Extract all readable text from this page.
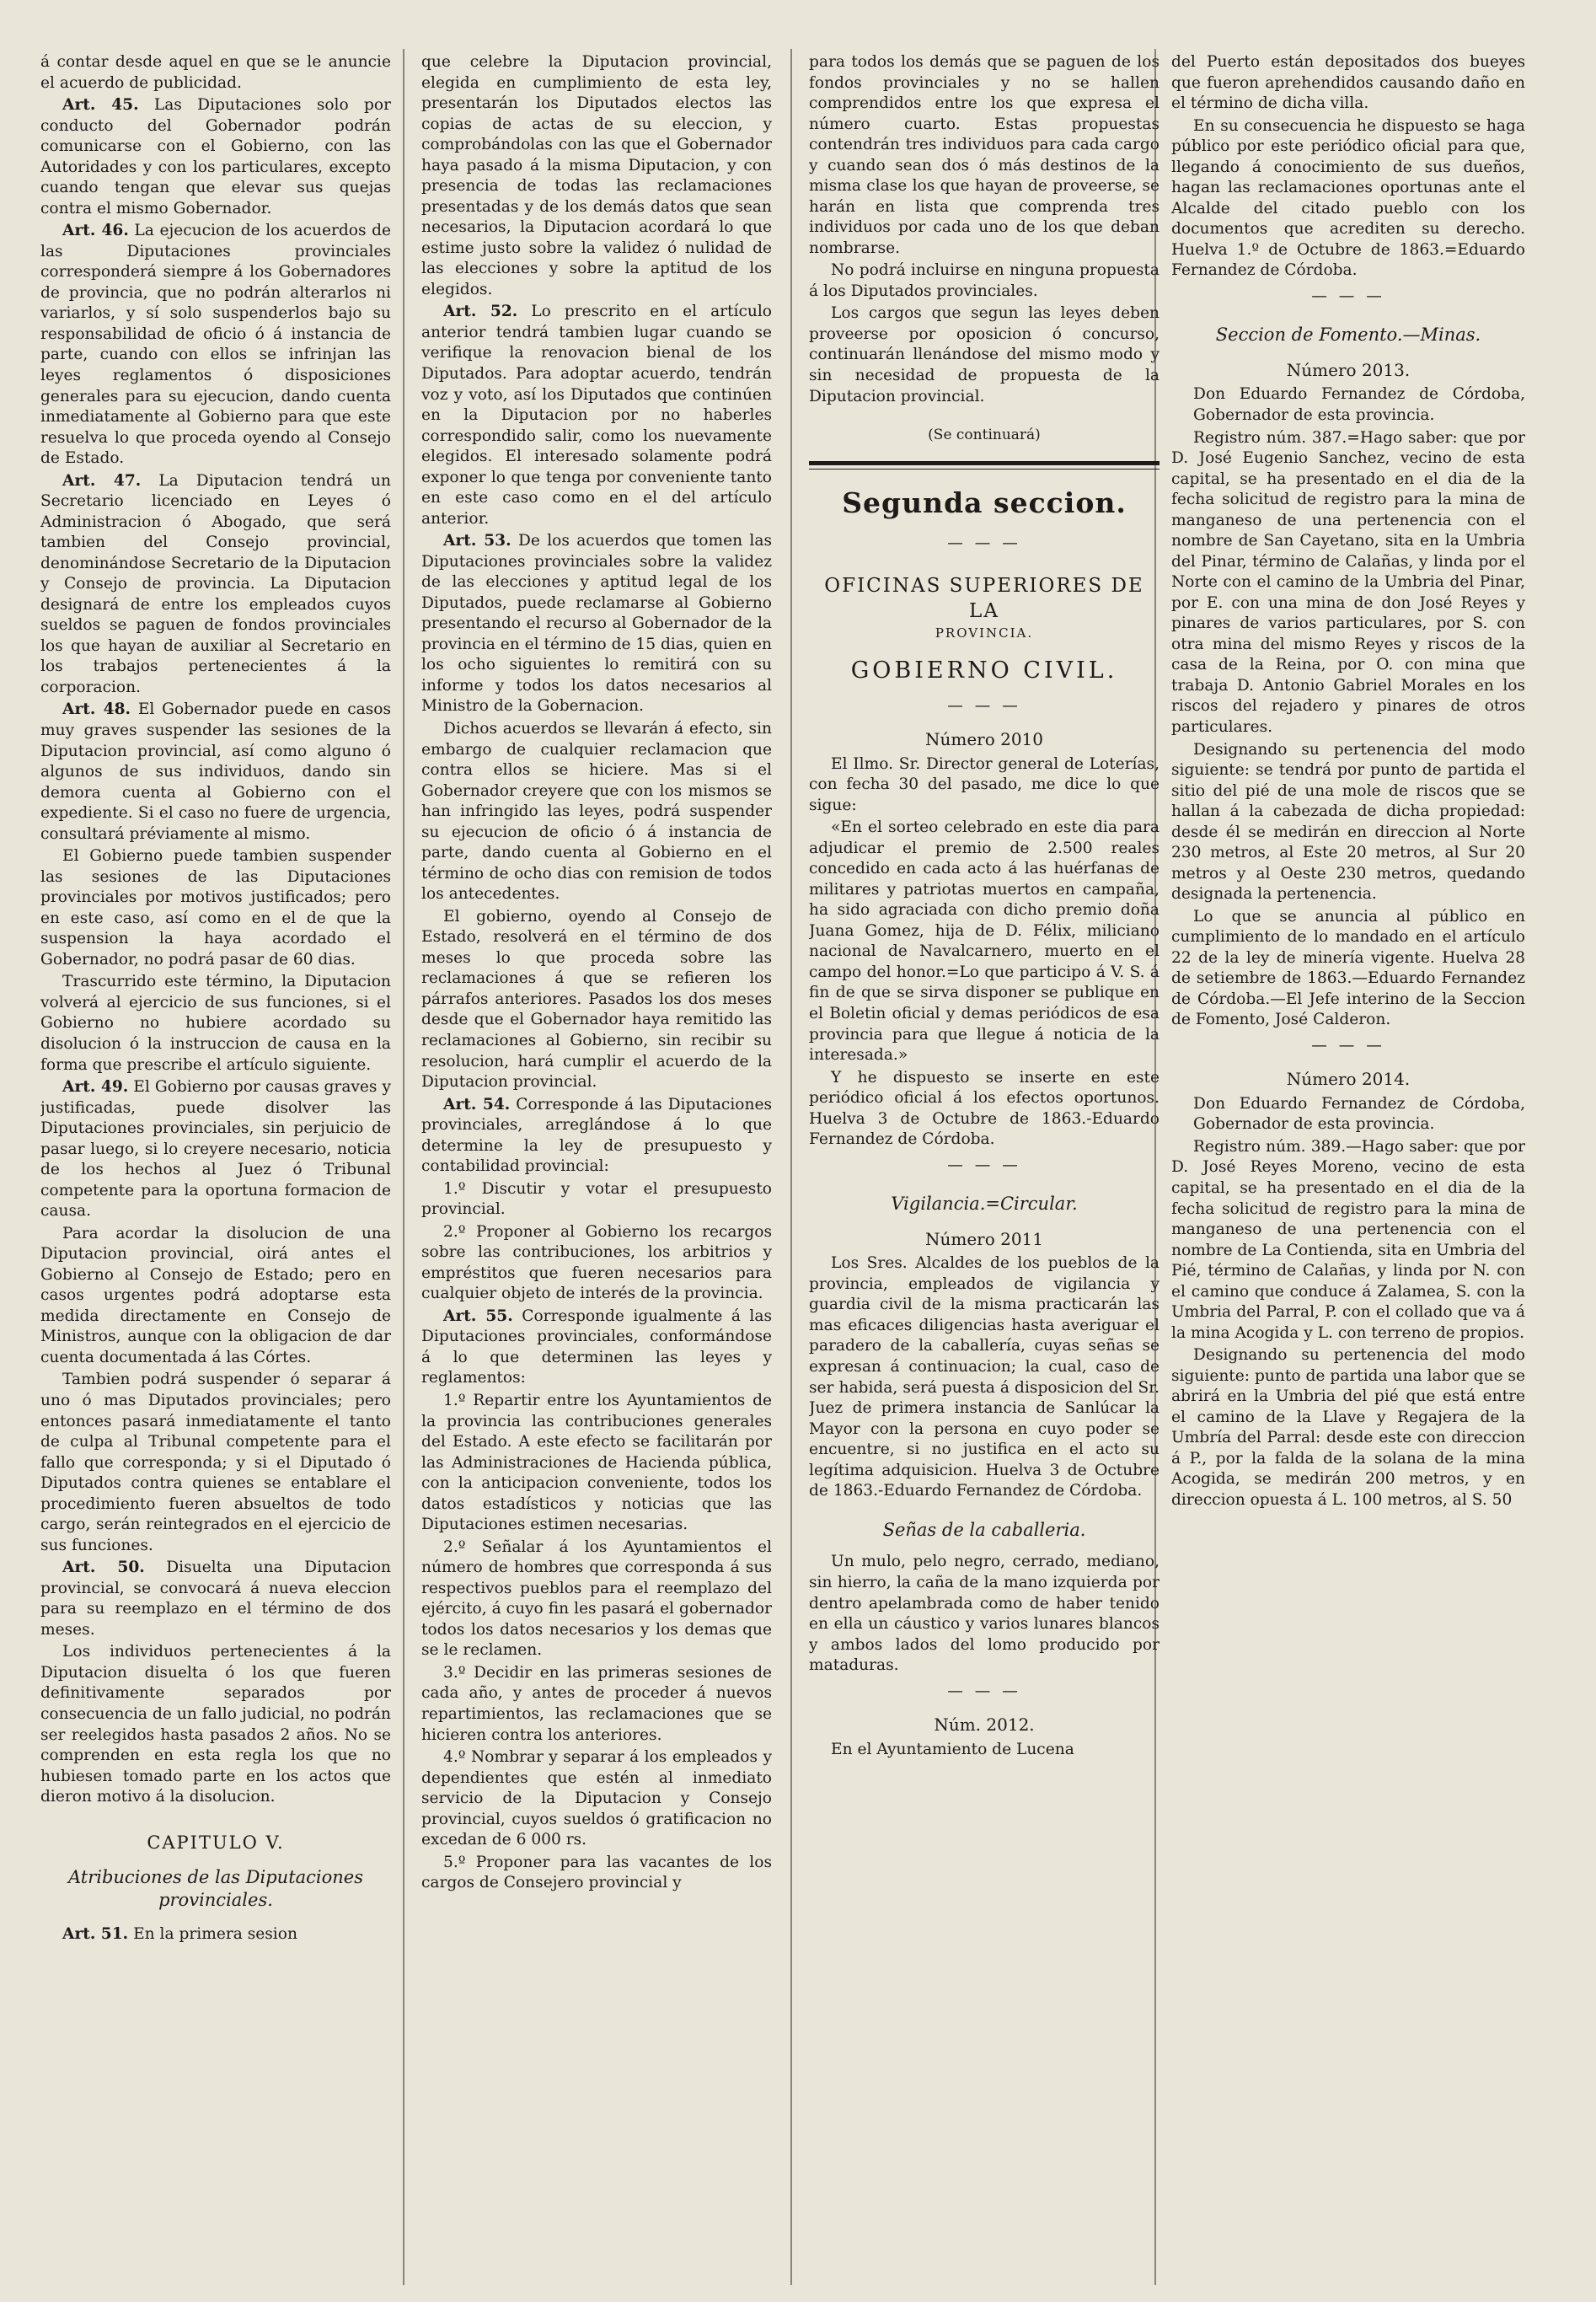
á contar desde aquel en que se le anuncie el acuerdo de publicidad.

Art. 45. Las Diputaciones solo por conducto del Gobernador podrán comunicarse con el Gobierno, con las Autoridades y con los particulares, excepto cuando tengan que elevar sus quejas contra el mismo Gobernador.

Art. 46. La ejecucion de los acuerdos de las Diputaciones provinciales corresponderá siempre á los Gobernadores de provincia, que no podrán alterarlos ni variarlos, y sí solo suspenderlos bajo su responsabilidad de oficio ó á instancia de parte, cuando con ellos se infrinjan las leyes reglamentos ó disposiciones generales para su ejecucion, dando cuenta inmediatamente al Gobierno para que este resuelva lo que proceda oyendo al Consejo de Estado.

Art. 47. La Diputacion tendrá un Secretario licenciado en Leyes ó Administracion ó Abogado, que será tambien del Consejo provincial, denominándose Secretario de la Diputacion y Consejo de provincia. La Diputacion designará de entre los empleados cuyos sueldos se paguen de fondos provinciales los que hayan de auxiliar al Secretario en los trabajos pertenecientes á la corporacion.

Art. 48. El Gobernador puede en casos muy graves suspender las sesiones de la Diputacion provincial, así como alguno ó algunos de sus individuos, dando sin demora cuenta al Gobierno con el expediente. Si el caso no fuere de urgencia, consultará préviamente al mismo.

El Gobierno puede tambien suspender las sesiones de las Diputaciones provinciales por motivos justificados; pero en este caso, así como en el de que la suspension la haya acordado el Gobernador, no podrá pasar de 60 dias.

Trascurrido este término, la Diputacion volverá al ejercicio de sus funciones, si el Gobierno no hubiere acordado su disolucion ó la instruccion de causa en la forma que prescribe el artículo siguiente.

Art. 49. El Gobierno por causas graves y justificadas, puede disolver las Diputaciones provinciales, sin perjuicio de pasar luego, si lo creyere necesario, noticia de los hechos al Juez ó Tribunal competente para la oportuna formacion de causa.

Para acordar la disolucion de una Diputacion provincial, oirá antes el Gobierno al Consejo de Estado; pero en casos urgentes podrá adoptarse esta medida directamente en Consejo de Ministros, aunque con la obligacion de dar cuenta documentada á las Córtes.

Tambien podrá suspender ó separar á uno ó mas Diputados provinciales; pero entonces pasará inmediatamente el tanto de culpa al Tribunal competente para el fallo que corresponda; y si el Diputado ó Diputados contra quienes se entablare el procedimiento fueren absueltos de todo cargo, serán reintegrados en el ejercicio de sus funciones.

Art. 50. Disuelta una Diputacion provincial, se convocará á nueva eleccion para su reemplazo en el término de dos meses.

Los individuos pertenecientes á la Diputacion disuelta ó los que fueren definitivamente separados por consecuencia de un fallo judicial, no podrán ser reelegidos hasta pasados 2 años. No se comprenden en esta regla los que no hubiesen tomado parte en los actos que dieron motivo á la disolucion.

CAPITULO V.
Atribuciones de las Diputaciones provinciales.

Art. 51. En la primera sesion

que celebre la Diputacion provincial, elegida en cumplimiento de esta ley, presentarán los Diputados electos las copias de actas de su eleccion, y comprobándolas con las que el Gobernador haya pasado á la misma Diputacion, y con presencia de todas las reclamaciones presentadas y de los demás datos que sean necesarios, la Diputacion acordará lo que estime justo sobre la validez ó nulidad de las elecciones y sobre la aptitud de los elegidos.

Art. 52. Lo prescrito en el artículo anterior tendrá tambien lugar cuando se verifique la renovacion bienal de los Diputados. Para adoptar acuerdo, tendrán voz y voto, así los Diputados que continúen en la Diputacion por no haberles correspondido salir, como los nuevamente elegidos. El interesado solamente podrá exponer lo que tenga por conveniente tanto en este caso como en el del artículo anterior.

Art. 53. De los acuerdos que tomen las Diputaciones provinciales sobre la validez de las elecciones y aptitud legal de los Diputados, puede reclamarse al Gobierno presentando el recurso al Gobernador de la provincia en el término de 15 dias, quien en los ocho siguientes lo remitirá con su informe y todos los datos necesarios al Ministro de la Gobernacion.

Dichos acuerdos se llevarán á efecto, sin embargo de cualquier reclamacion que contra ellos se hiciere. Mas si el Gobernador creyere que con los mismos se han infringido las leyes, podrá suspender su ejecucion de oficio ó á instancia de parte, dando cuenta al Gobierno en el término de ocho dias con remision de todos los antecedentes.

El gobierno, oyendo al Consejo de Estado, resolverá en el término de dos meses lo que proceda sobre las reclamaciones á que se refieren los párrafos anteriores. Pasados los dos meses desde que el Gobernador haya remitido las reclamaciones al Gobierno, sin recibir su resolucion, hará cumplir el acuerdo de la Diputacion provincial.

Art. 54. Corresponde á las Diputaciones provinciales, arreglándose á lo que determine la ley de presupuesto y contabilidad provincial:

1.º Discutir y votar el presupuesto provincial.

2.º Proponer al Gobierno los recargos sobre las contribuciones, los arbitrios y empréstitos que fueren necesarios para cualquier objeto de interés de la provincia.

Art. 55. Corresponde igualmente á las Diputaciones provinciales, conformándose á lo que determinen las leyes y reglamentos:

1.º Repartir entre los Ayuntamientos de la provincia las contribuciones generales del Estado. A este efecto se facilitarán por las Administraciones de Hacienda pública, con la anticipacion conveniente, todos los datos estadísticos y noticias que las Diputaciones estimen necesarias.

2.º Señalar á los Ayuntamientos el número de hombres que corresponda á sus respectivos pueblos para el reemplazo del ejército, á cuyo fin les pasará el gobernador todos los datos necesarios y los demas que se le reclamen.

3.º Decidir en las primeras sesiones de cada año, y antes de proceder á nuevos repartimientos, las reclamaciones que se hicieren contra los anteriores.

4.º Nombrar y separar á los empleados y dependientes que estén al inmediato servicio de la Diputacion y Consejo provincial, cuyos sueldos ó gratificacion no excedan de 6 000 rs.

5.º Proponer para las vacantes de los cargos de Consejero provincial y

para todos los demás que se paguen de los fondos provinciales y no se hallen comprendidos entre los que expresa el número cuarto. Estas propuestas contendrán tres individuos para cada cargo y cuando sean dos ó más destinos de la misma clase los que hayan de proveerse, se harán en lista que comprenda tres individuos por cada uno de los que deban nombrarse.

No podrá incluirse en ninguna propuesta á los Diputados provinciales.

Los cargos que segun las leyes deben proveerse por oposicion ó concurso, continuarán llenándose del mismo modo y sin necesidad de propuesta de la Diputacion provincial.

(Se continuará)
Segunda seccion.
— — —
OFICINAS SUPERIORES DE LA
PROVINCIA.
GOBIERNO CIVIL.
— — —
Número 2010

El Ilmo. Sr. Director general de Loterías, con fecha 30 del pasado, me dice lo que sigue:

«En el sorteo celebrado en este dia para adjudicar el premio de 2.500 reales concedido en cada acto á las huérfanas de militares y patriotas muertos en campaña, ha sido agraciada con dicho premio doña Juana Gomez, hija de D. Félix, miliciano nacional de Navalcarnero, muerto en el campo del honor.=Lo que participo á V. S. á fin de que se sirva disponer se publique en el Boletin oficial y demas periódicos de esa provincia para que llegue á noticia de la interesada.»

Y he dispuesto se inserte en este periódico oficial á los efectos oportunos. Huelva 3 de Octubre de 1863.-Eduardo Fernandez de Córdoba.

— — —
Vigilancia.=Circular.
Número 2011

Los Sres. Alcaldes de los pueblos de la provincia, empleados de vigilancia y guardia civil de la misma practicarán las mas eficaces diligencias hasta averiguar el paradero de la caballería, cuyas señas se expresan á continuacion; la cual, caso de ser habida, será puesta á disposicion del Sr. Juez de primera instancia de Sanlúcar la Mayor con la persona en cuyo poder se encuentre, si no justifica en el acto su legítima adquisicion. Huelva 3 de Octubre de 1863.-Eduardo Fernandez de Córdoba.

Señas de la caballeria.

Un mulo, pelo negro, cerrado, mediano, sin hierro, la caña de la mano izquierda por dentro apelambrada como de haber tenido en ella un cáustico y varios lunares blancos y ambos lados del lomo producido por mataduras.

— — —
Núm. 2012.

En el Ayuntamiento de Lucena

del Puerto están depositados dos bueyes que fueron aprehendidos causando daño en el término de dicha villa.

En su consecuencia he dispuesto se haga público por este periódico oficial para que, llegando á conocimiento de sus dueños, hagan las reclamaciones oportunas ante el Alcalde del citado pueblo con los documentos que acrediten su derecho. Huelva 1.º de Octubre de 1863.=Eduardo Fernandez de Córdoba.

— — —
Seccion de Fomento.—Minas.
Número 2013.

Don Eduardo Fernandez de Córdoba, Gobernador de esta provincia.

Registro núm. 387.=Hago saber: que por D. José Eugenio Sanchez, vecino de esta capital, se ha presentado en el dia de la fecha solicitud de registro para la mina de manganeso de una pertenencia con el nombre de San Cayetano, sita en la Umbria del Pinar, término de Calañas, y linda por el Norte con el camino de la Umbria del Pinar, por E. con una mina de don José Reyes y pinares de varios particulares, por S. con otra mina del mismo Reyes y riscos de la casa de la Reina, por O. con mina que trabaja D. Antonio Gabriel Morales en los riscos del rejadero y pinares de otros particulares.

Designando su pertenencia del modo siguiente: se tendrá por punto de partida el sitio del pié de una mole de riscos que se hallan á la cabezada de dicha propiedad: desde él se medirán en direccion al Norte 230 metros, al Este 20 metros, al Sur 20 metros y al Oeste 230 metros, quedando designada la pertenencia.

Lo que se anuncia al público en cumplimiento de lo mandado en el artículo 22 de la ley de minería vigente. Huelva 28 de setiembre de 1863.—Eduardo Fernandez de Córdoba.—El Jefe interino de la Seccion de Fomento, José Calderon.

— — —
Número 2014.

Don Eduardo Fernandez de Córdoba, Gobernador de esta provincia.

Registro núm. 389.—Hago saber: que por D. José Reyes Moreno, vecino de esta capital, se ha presentado en el dia de la fecha solicitud de registro para la mina de manganeso de una pertenencia con el nombre de La Contienda, sita en Umbria del Pié, término de Calañas, y linda por N. con el camino que conduce á Zalamea, S. con la Umbria del Parral, P. con el collado que va á la mina Acogida y L. con terreno de propios.

Designando su pertenencia del modo siguiente: punto de partida una labor que se abrirá en la Umbria del pié que está entre el camino de la Llave y Regajera de la Umbría del Parral: desde este con direccion á P., por la falda de la solana de la mina Acogida, se medirán 200 metros, y en direccion opuesta á L. 100 metros, al S. 50
